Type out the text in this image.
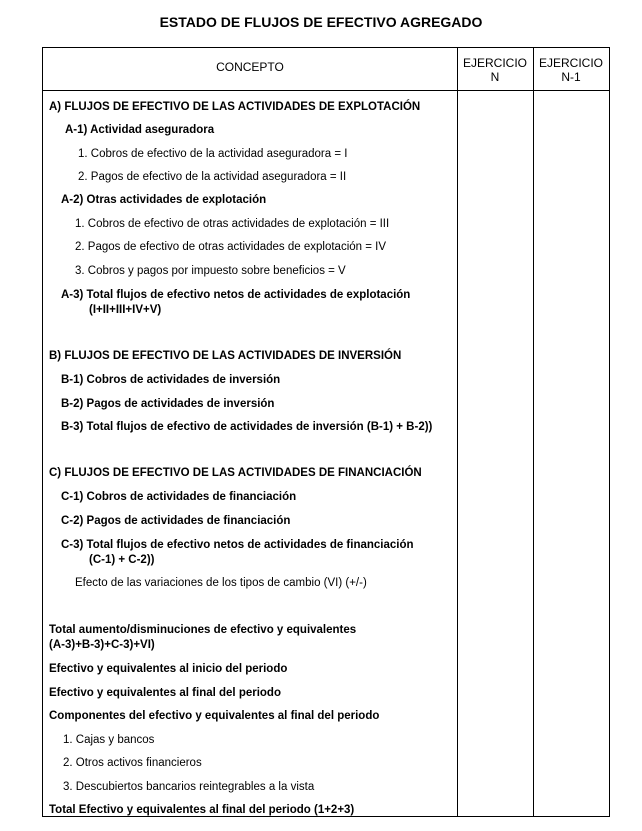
ESTADO DE FLUJOS DE EFECTIVO AGREGADO
CONCEPTO	EJERCICIO
N
EJERCICIO
N-1
A) FLUJOS DE EFECTIVO DE LAS ACTIVIDADES DE EXPLOTACIÓN
A-1) Actividad aseguradora
1. Cobros de efectivo de la actividad aseguradora = I
2. Pagos de efectivo de la actividad aseguradora = II
A-2) Otras actividades de explotación
1. Cobros de efectivo de otras actividades de explotación = III
2. Pagos de efectivo de otras actividades de explotación = IV
3. Cobros y pagos por impuesto sobre beneficios = V
A-3) Total flujos de efectivo netos de actividades de explotación
(I+II+III+IV+V)
B) FLUJOS DE EFECTIVO DE LAS ACTIVIDADES DE INVERSIÓN
B-1) Cobros de actividades de inversión
B-2) Pagos de actividades de inversión
B-3) Total flujos de efectivo de actividades de inversión (B-1) + B-2))
C) FLUJOS DE EFECTIVO DE LAS ACTIVIDADES DE FINANCIACIÓN
C-1) Cobros de actividades de financiación
C-2) Pagos de actividades de financiación
C-3) Total flujos de efectivo netos de actividades de financiación
(C-1) + C-2))
Efecto de las variaciones de los tipos de cambio (VI) (+/-)
Total aumento/disminuciones de efectivo y equivalentes
(A-3)+B-3)+C-3)+VI)
Efectivo y equivalentes al inicio del periodo
Efectivo y equivalentes al final del periodo
Componentes del efectivo y equivalentes al final del periodo
1. Cajas y bancos
2. Otros activos financieros
3. Descubiertos bancarios reintegrables a la vista
Total Efectivo y equivalentes al final del periodo (1+2+3)
